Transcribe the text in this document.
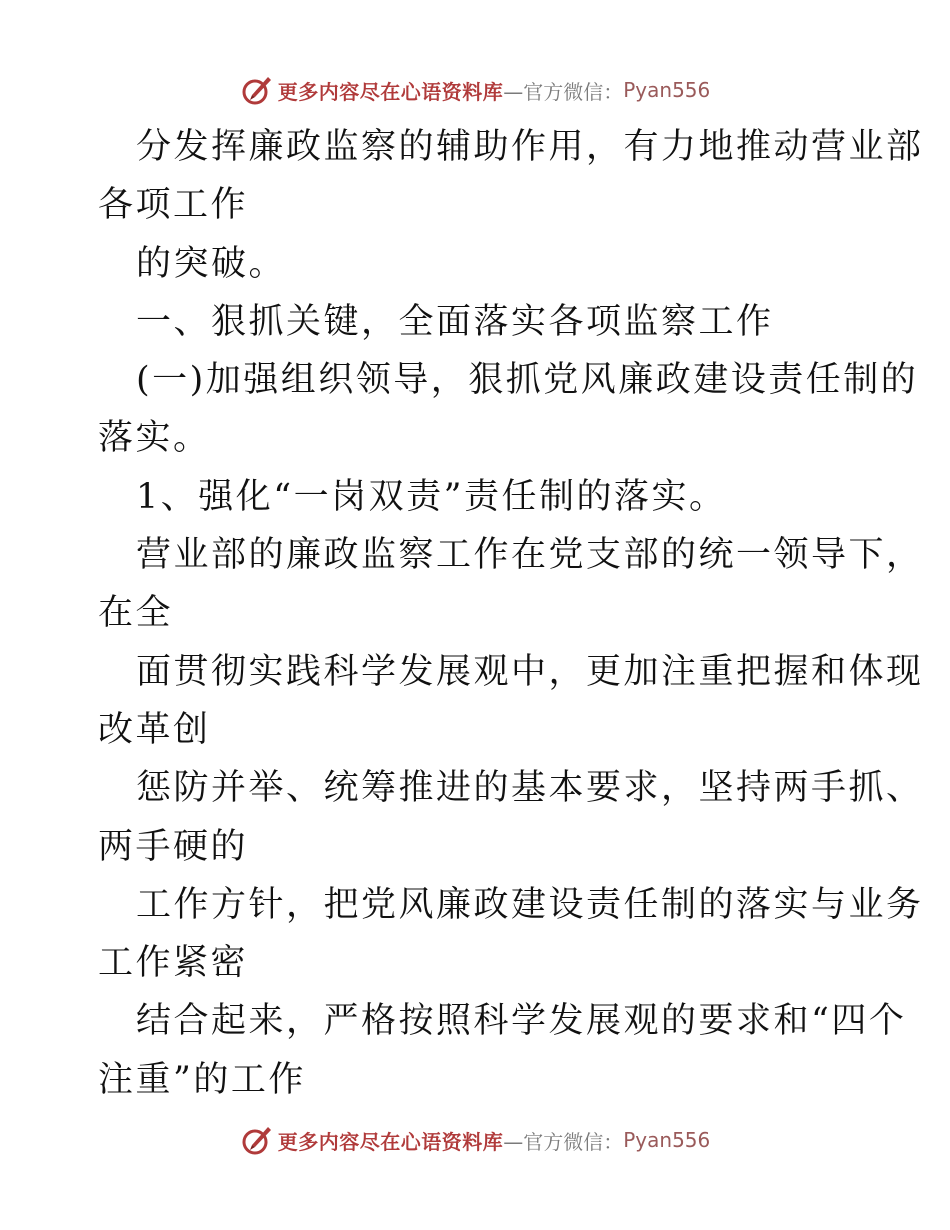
更多内容尽在心语资料库 —官方微信： Pyan556
分发挥廉政监察的辅助作用，有力地推动营业部
各项工作
的突破。
一、狠抓关键，全面落实各项监察工作
(一)加强组织领导，狠抓党风廉政建设责任制的
落实。
1、强化“一岗双责”责任制的落实。
营业部的廉政监察工作在党支部的统一领导下，
在全
面贯彻实践科学发展观中，更加注重把握和体现
改革创
惩防并举、统筹推进的基本要求，坚持两手抓、
两手硬的
工作方针，把党风廉政建设责任制的落实与业务
工作紧密
结合起来，严格按照科学发展观的要求和“四个
注重”的工作
更多内容尽在心语资料库 —官方微信： Pyan556
